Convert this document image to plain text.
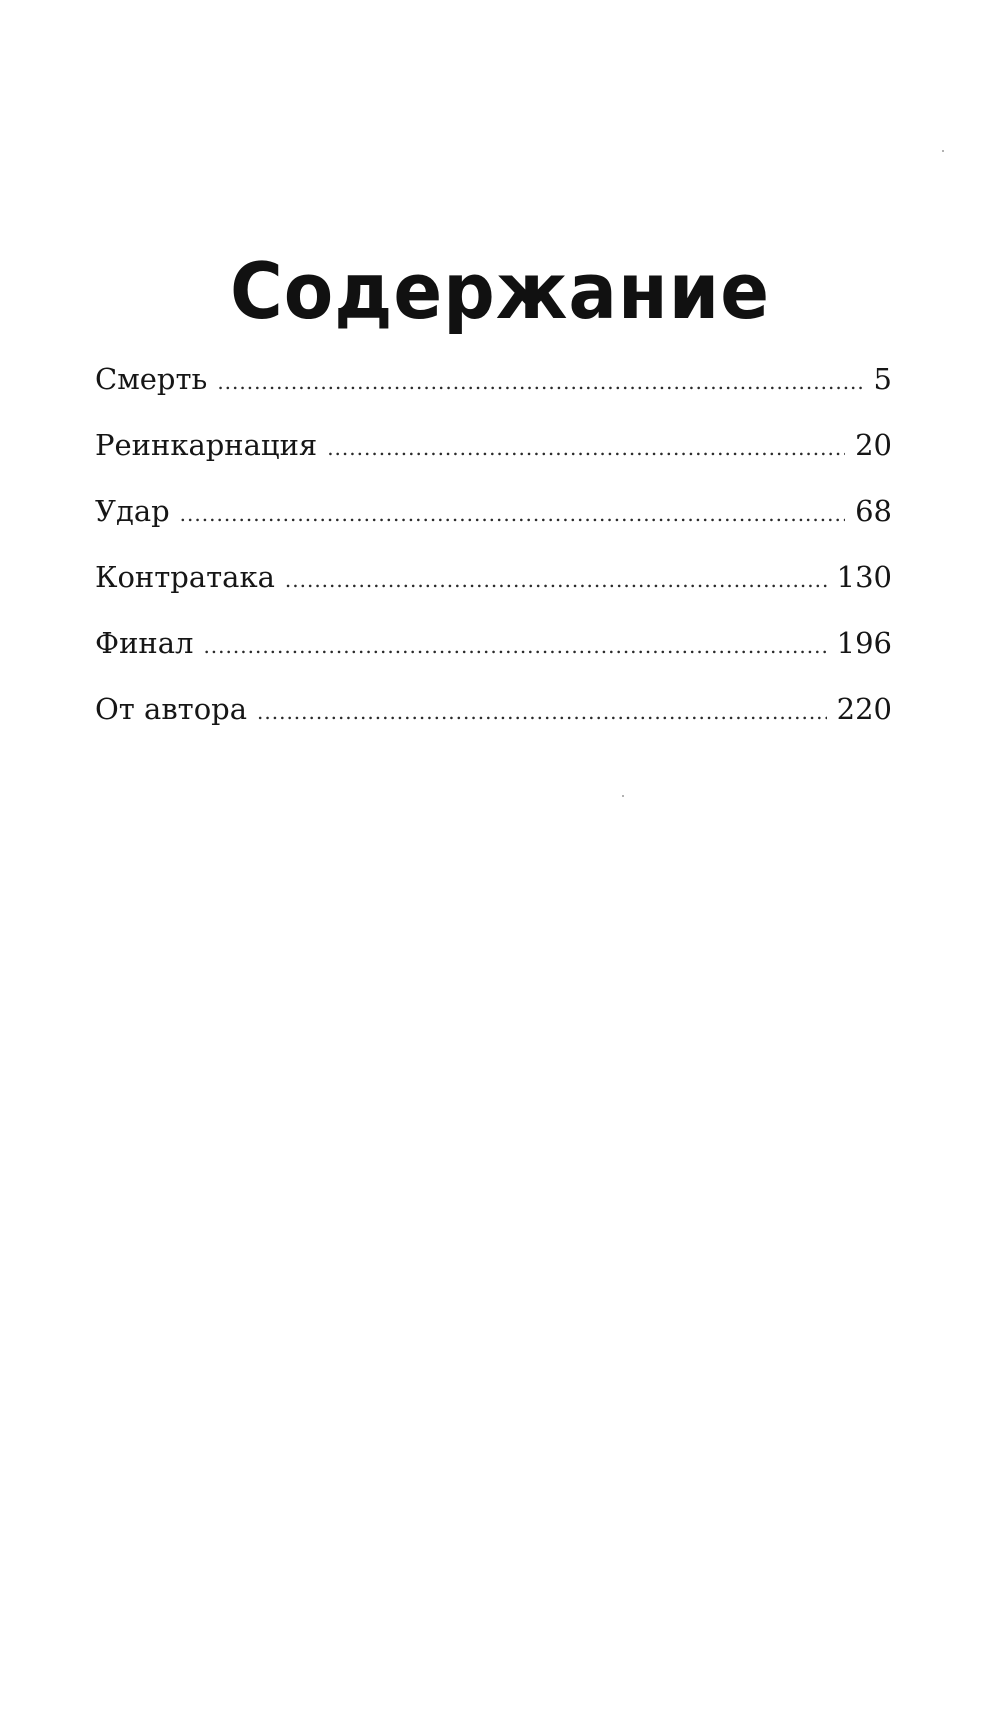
Содержание
Смерть .....	5
Реинкарнация .....	20
Удар .....	68
Контратака .....	130
Финал .....	196
От автора .....	220
